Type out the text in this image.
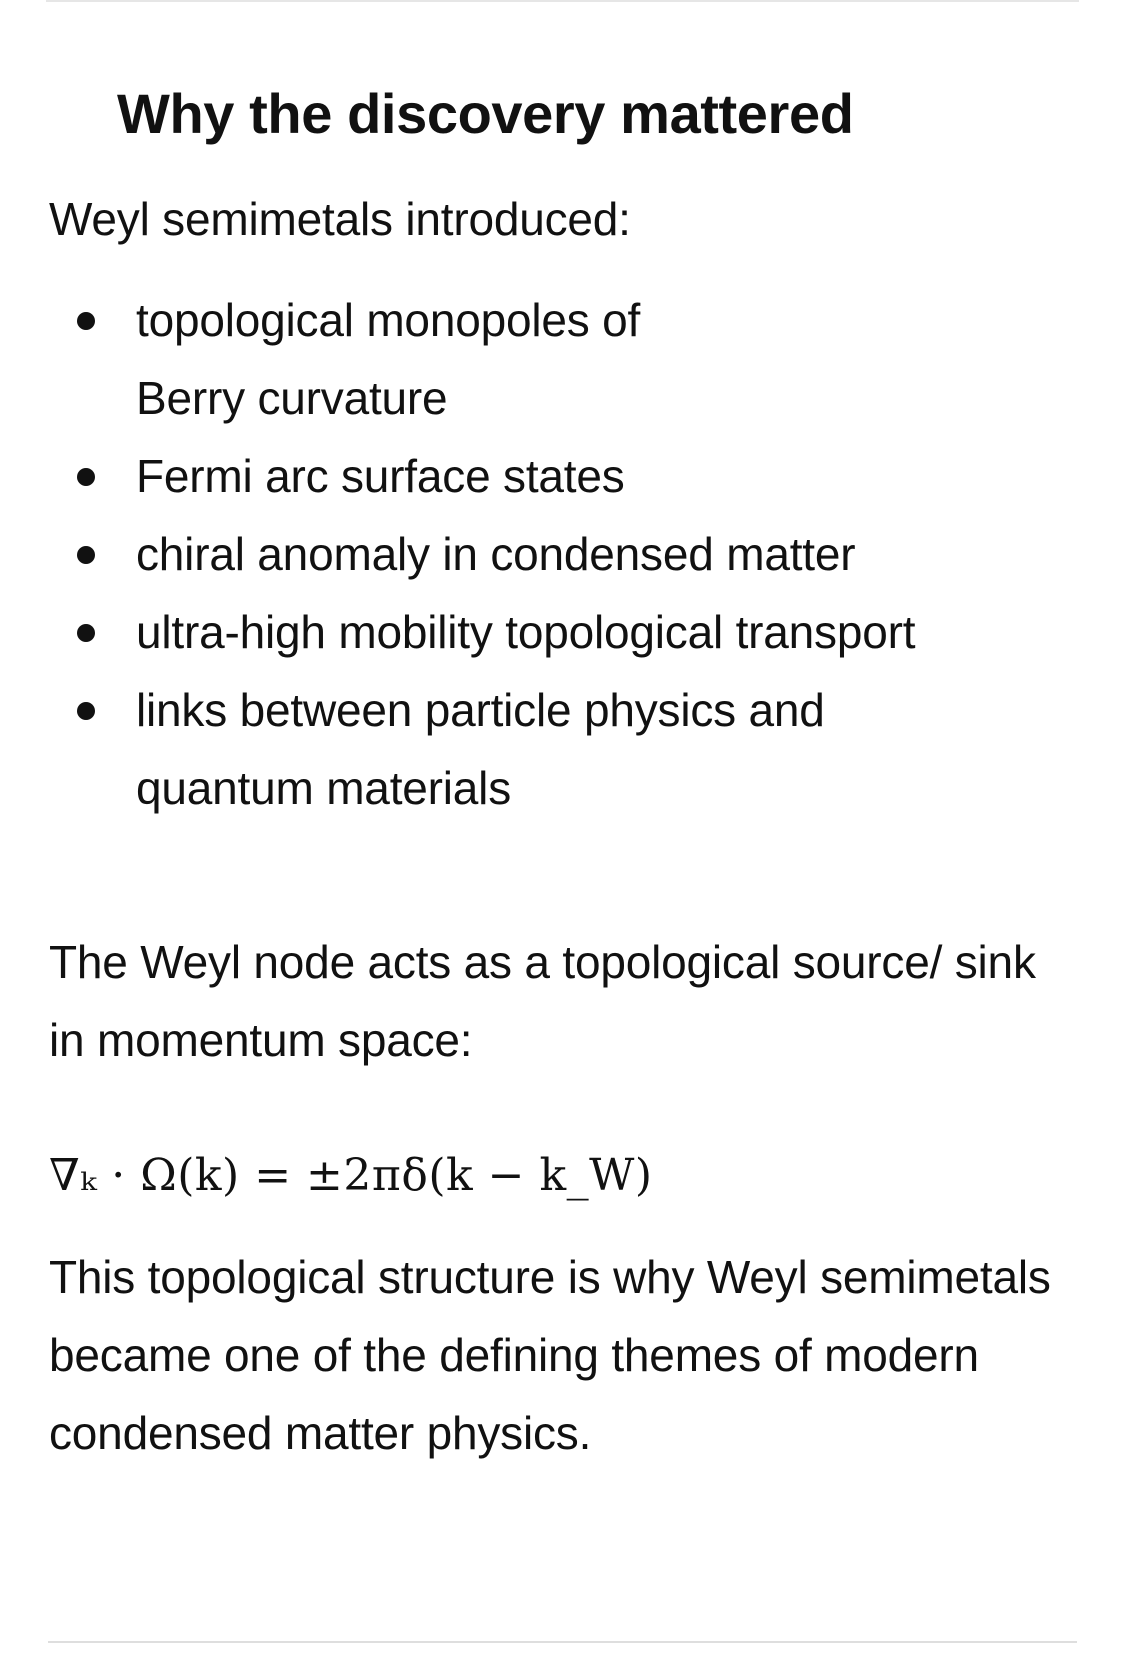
Why the discovery mattered

Weyl semimetals introduced:

topological monopoles of Berry curvature
Fermi arc surface states
chiral anomaly in condensed matter
ultra-high mobility topological transport
links between particle physics and quantum materials

The Weyl node acts as a topological source/ sink in momentum space:

∇ₖ · Ω(k) = ±2πδ(k − k_W)

This topological structure is why Weyl semimetals became one of the defining themes of modern condensed matter physics.
